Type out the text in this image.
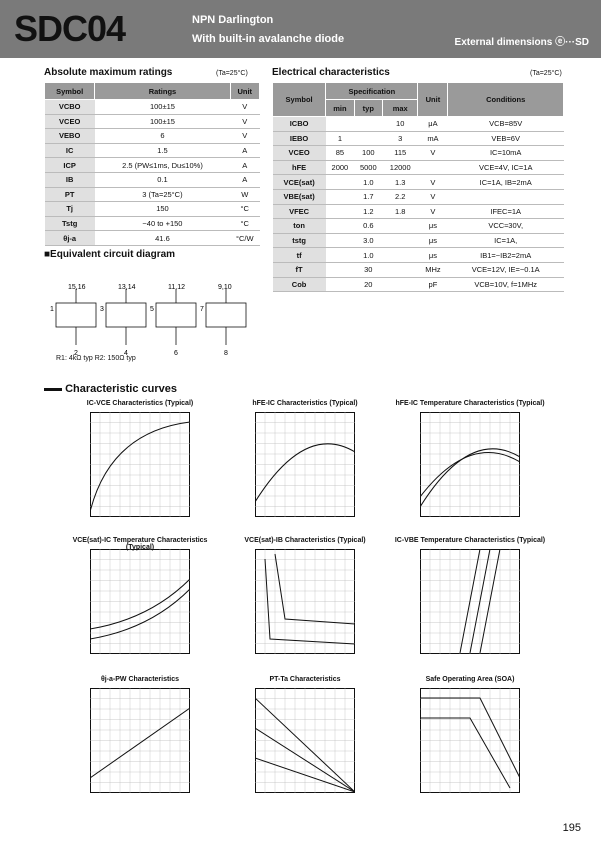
SDC04	NPN Darlington
With built-in avalanche diode	External dimensions ⓔ···SD
Absolute maximum ratings	(Ta=25°C)
Symbol	Ratings	Unit
VCBO	100±15	V
VCEO	100±15	V
VEBO	6	V
IC	1.5	A
ICP	2.5 (PW≤1ms, Du≤10%)	A
IB	0.1	A
PT	3 (Ta=25°C)	W
Tj	150	°C
Tstg	−40 to +150	°C
θj-a	41.6	°C/W
Electrical characteristics	(Ta=25°C)
Symbol	Specification			Unit	Conditions
	min	typ	max		
ICBO			10	μA	VCB=85V
IEBO	1		3	mA	VEB=6V
VCEO	85	100	115	V	IC=10mA
hFE	2000	5000	12000		VCE=4V, IC=1A
VCE(sat)		1.0	1.3	V	IC=1A, IB=2mA
VBE(sat)		1.7	2.2	V	
VFEC		1.2	1.8	V	IFEC=1A
ton		0.6		μs	VCC≈30V,
tstg		3.0		μs	IC=1A,
tf		1.0		μs	IB1=−IB2=2mA
fT		30		MHz	VCE=12V, IE=−0.1A
Cob		20		pF	VCB=10V, f=1MHz
■Equivalent circuit diagram
15,16	13,14	11,12	9,10
2	4	6	8
1	3	5	7
R1: 4kΩ typ R2: 150Ω typ
Characteristic curves
IC-VCE Characteristics (Typical)	hFE-IC Characteristics (Typical)	hFE-IC Temperature Characteristics (Typical)
VCE(sat)-IC Temperature Characteristics (Typical)
VCE(sat)-IB Characteristics (Typical)	IC-VBE Temperature Characteristics (Typical)
θj-a-PW Characteristics	PT-Ta Characteristics	Safe Operating Area (SOA)
195
